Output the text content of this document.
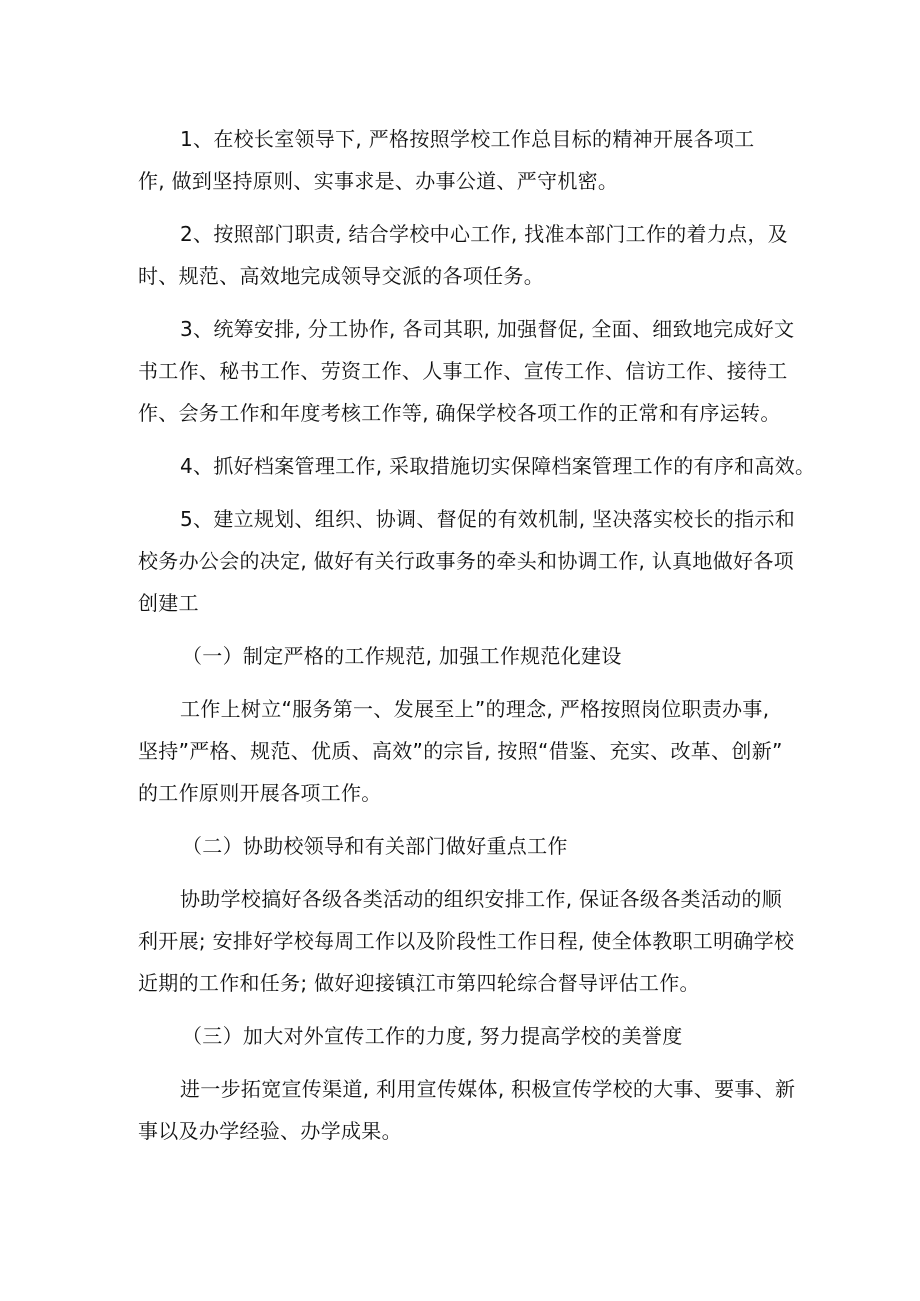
1、在校长室领导下, 严格按照学校工作总目标的精神开展各项工
作, 做到坚持原则、实事求是、办事公道、严守机密。
2、按照部门职责, 结合学校中心工作, 找准本部门工作的着力点，及
时、规范、高效地完成领导交派的各项任务。
3、统筹安排, 分工协作, 各司其职, 加强督促, 全面、细致地完成好文
书工作、秘书工作、劳资工作、人事工作、宣传工作、信访工作、接待工
作、会务工作和年度考核工作等, 确保学校各项工作的正常和有序运转。
4、抓好档案管理工作, 采取措施切实保障档案管理工作的有序和高效。
5、建立规划、组织、协调、督促的有效机制, 坚决落实校长的指示和
校务办公会的决定, 做好有关行政事务的牵头和协调工作, 认真地做好各项
创建工
（一）制定严格的工作规范, 加强工作规范化建设
工作上树立“服务第一、发展至上”的理念, 严格按照岗位职责办事,
坚持”严格、规范、优质、高效”的宗旨, 按照“借鉴、充实、改革、创新”
的工作原则开展各项工作。
（二）协助校领导和有关部门做好重点工作
协助学校搞好各级各类活动的组织安排工作, 保证各级各类活动的顺
利开展; 安排好学校每周工作以及阶段性工作日程, 使全体教职工明确学校
近期的工作和任务; 做好迎接镇江市第四轮综合督导评估工作。
（三）加大对外宣传工作的力度, 努力提高学校的美誉度
进一步拓宽宣传渠道, 利用宣传媒体, 积极宣传学校的大事、要事、新
事以及办学经验、办学成果。
